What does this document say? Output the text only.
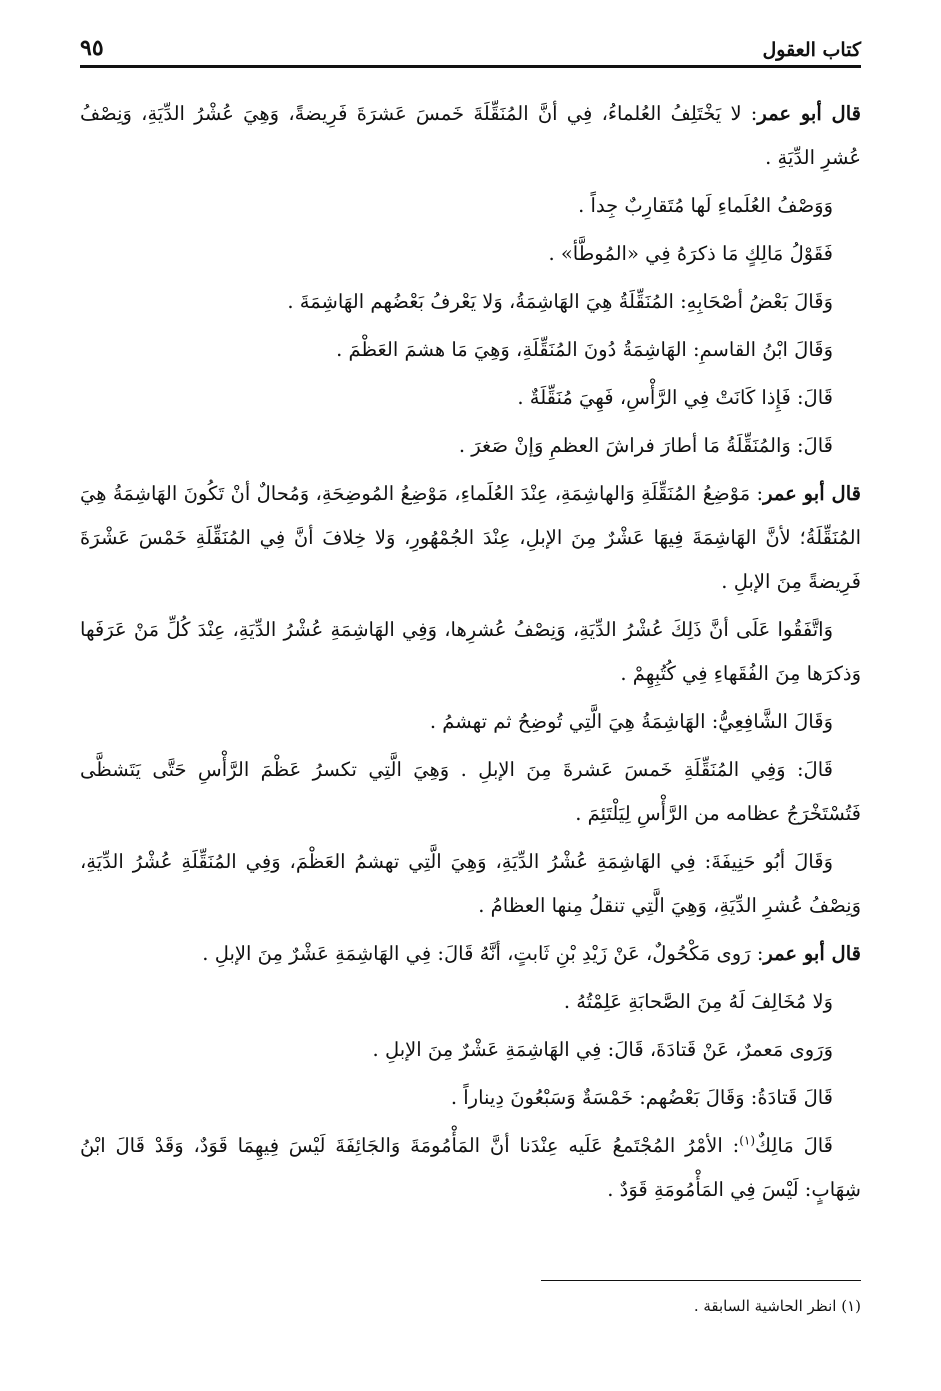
كتاب العقول
٩٥

قال أبو عمر: لا يَخْتَلِفُ العُلماءُ، فِي أنَّ المُنَقِّلَةَ خَمسَ عَشرَةَ فَرِيضةً، وَهِيَ عُشْرُ الدِّيَةِ، وَنِصْفُ عُشرِ الدِّيَةِ .

وَوَصْفُ العُلَماءِ لَها مُتَقارِبٌ جِداً .

فَقَوْلُ مَالِكٍ مَا ذكرَهُ فِي «المُوطَّأ» .

وَقَالَ بَعْضُ أصْحَابِهِ: المُنَقِّلَةُ هِيَ الهَاشِمَةُ، وَلا يَعْرفُ بَعْضُهم الهَاشِمَةَ .

وَقَالَ ابْنُ القاسمِ: الهَاشِمَةُ دُونَ المُنَقِّلَةِ، وَهِيَ مَا هشمَ العَظْمَ .

قَالَ: فَإِذا كَانَتْ فِي الرَّأْسِ، فَهِيَ مُنَقِّلَةٌ .

قَالَ: وَالمُنَقِّلَةُ مَا أطارَ فراشَ العظمِ وَإنْ صَغرَ .

قال أبو عمر: مَوْضِعُ المُنَقِّلَةِ وَالهاشِمَةِ، عِنْدَ العُلَماءِ، مَوْضِعُ المُوضِحَةِ، وَمُحالٌ أنْ تَكُونَ الهَاشِمَةُ هِيَ المُنَقِّلَةُ؛ لأنَّ الهَاشِمَةَ فِيهَا عَشْرٌ مِنَ الإبلِ، عِنْدَ الجُمْهُورِ، وَلا خِلافَ أنَّ فِي المُنَقِّلَةِ خَمْسَ عَشْرَةَ فَرِيضةً مِنَ الإبلِ .

وَاتَّفَقُوا عَلَى أنَّ ذَلِكَ عُشْرُ الدِّيَةِ، وَنِصْفُ عُشرِها، وَفِي الهَاشِمَةِ عُشْرُ الدِّيَةِ، عِنْدَ كُلِّ مَنْ عَرَفَها وَذكرَها مِنَ الفُقَهاءِ فِي كُتُبِهِمْ .

وَقَالَ الشَّافِعِيُّ: الهَاشِمَةُ هِيَ الَّتِي تُوضِحُ ثم تهشمُ .

قَالَ: وَفِي المُنَقِّلَةِ خَمسَ عَشرةَ مِنَ الإبلِ . وَهِيَ الَّتِي تكسرُ عَظْمَ الرَّأْسِ حَتَّى يَتَشظَّى فَتُسْتَخْرَجُ عظامه من الرَّأْسِ لِيَلْتَئِمَ .

وَقَالَ أبُو حَنِيفَةَ: فِي الهَاشِمَةِ عُشْرُ الدِّيَةِ، وَهِيَ الَّتِي تهشمُ العَظْمَ، وَفِي المُنَقِّلَةِ عُشْرُ الدِّيَةِ، وَنِصْفُ عُشرِ الدِّيَةِ، وَهِيَ الَّتِي تنقلُ مِنها العظامُ .

قال أبو عمر: رَوى مَكْحُولٌ، عَنْ زَيْدِ بْنِ ثَابتٍ، أنَّهُ قَالَ: فِي الهَاشِمَةِ عَشْرٌ مِنَ الإبلِ .

وَلا مُخَالِفَ لَهُ مِنَ الصَّحابَةِ عَلِمْتُهُ .

وَرَوى مَعمرٌ، عَنْ قَتادَةَ، قَالَ: فِي الهَاشِمَةِ عَشْرٌ مِنَ الإبلِ .

قَالَ قَتادَةُ: وَقَالَ بَعْضُهم: خَمْسَةٌ وَسَبْعُونَ دِيناراً .

قَالَ مَالِكٌ$^{(١)}$: الأمْرُ المُجْتَمعُ عَلَيه عِنْدَنا أنَّ المَأْمُومَةَ وَالجَائِفَةَ لَيْسَ فِيهِمَا قَوَدٌ، وَقَدْ قَالَ ابْنُ شِهَابٍ: لَيْسَ فِي المَأْمُومَةِ قَوَدٌ .

(١) انظر الحاشية السابقة .
